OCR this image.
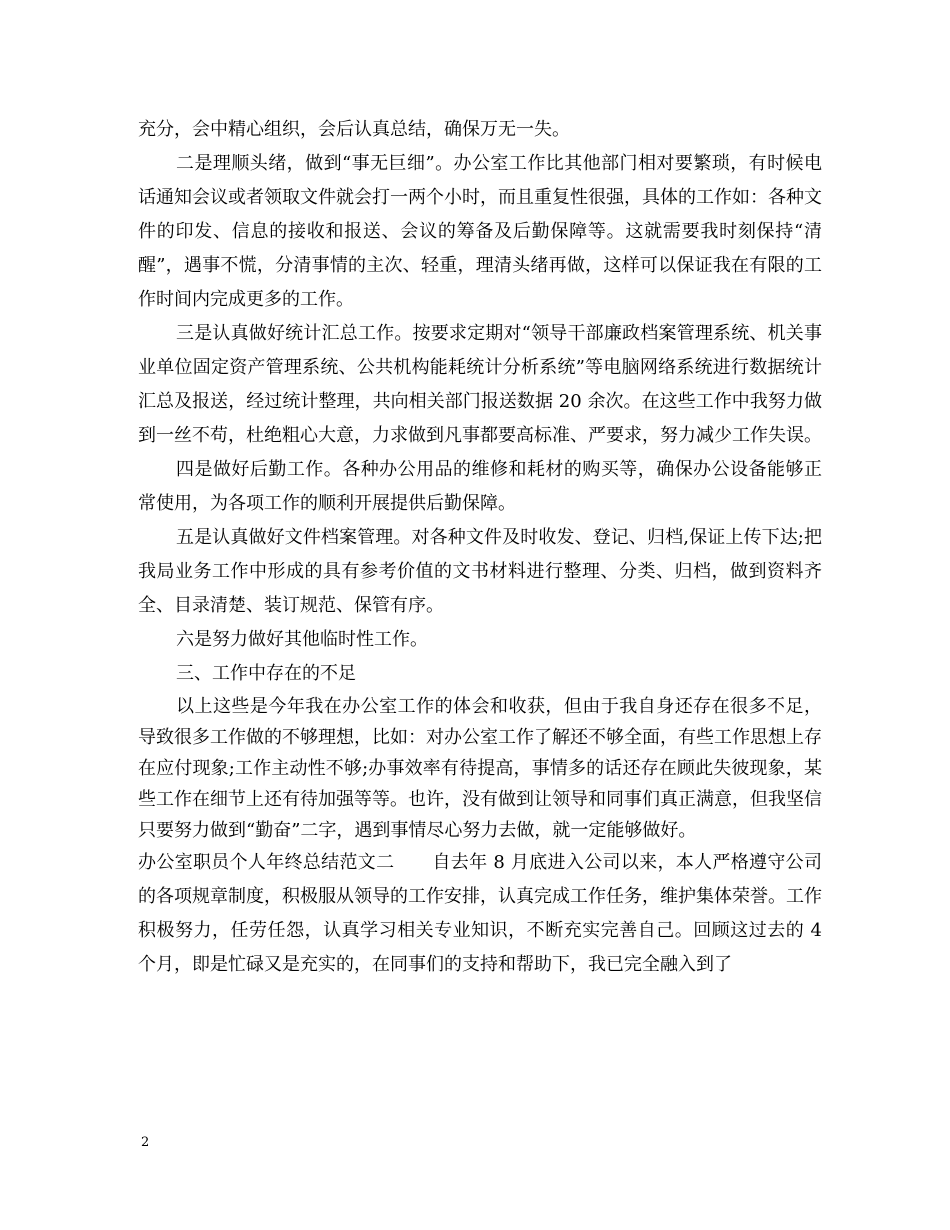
充分，会中精心组织，会后认真总结，确保万无一失。

二是理顺头绪，做到“事无巨细”。办公室工作比其他部门相对要繁琐，有时候电话通知会议或者领取文件就会打一两个小时，而且重复性很强，具体的工作如：各种文件的印发、信息的接收和报送、会议的筹备及后勤保障等。这就需要我时刻保持“清醒”，遇事不慌，分清事情的主次、轻重，理清头绪再做，这样可以保证我在有限的工作时间内完成更多的工作。

三是认真做好统计汇总工作。按要求定期对“领导干部廉政档案管理系统、机关事业单位固定资产管理系统、公共机构能耗统计分析系统”等电脑网络系统进行数据统计汇总及报送，经过统计整理，共向相关部门报送数据 20 余次。在这些工作中我努力做到一丝不苟，杜绝粗心大意，力求做到凡事都要高标准、严要求，努力减少工作失误。

四是做好后勤工作。各种办公用品的维修和耗材的购买等，确保办公设备能够正常使用，为各项工作的顺利开展提供后勤保障。

五是认真做好文件档案管理。对各种文件及时收发、登记、归档,保证上传下达;把我局业务工作中形成的具有参考价值的文书材料进行整理、分类、归档，做到资料齐全、目录清楚、装订规范、保管有序。

六是努力做好其他临时性工作。

三、工作中存在的不足

以上这些是今年我在办公室工作的体会和收获，但由于我自身还存在很多不足，导致很多工作做的不够理想，比如：对办公室工作了解还不够全面，有些工作思想上存在应付现象;工作主动性不够;办事效率有待提高，事情多的话还存在顾此失彼现象，某些工作在细节上还有待加强等等。也许，没有做到让领导和同事们真正满意，但我坚信只要努力做到“勤奋”二字，遇到事情尽心努力去做，就一定能够做好。

办公室职员个人年终总结范文二 自去年 8 月底进入公司以来，本人严格遵守公司的各项规章制度，积极服从领导的工作安排，认真完成工作任务，维护集体荣誉。工作积极努力，任劳任怨，认真学习相关专业知识，不断充实完善自己。回顾这过去的 4 个月，即是忙碌又是充实的，在同事们的支持和帮助下，我已完全融入到了

2
